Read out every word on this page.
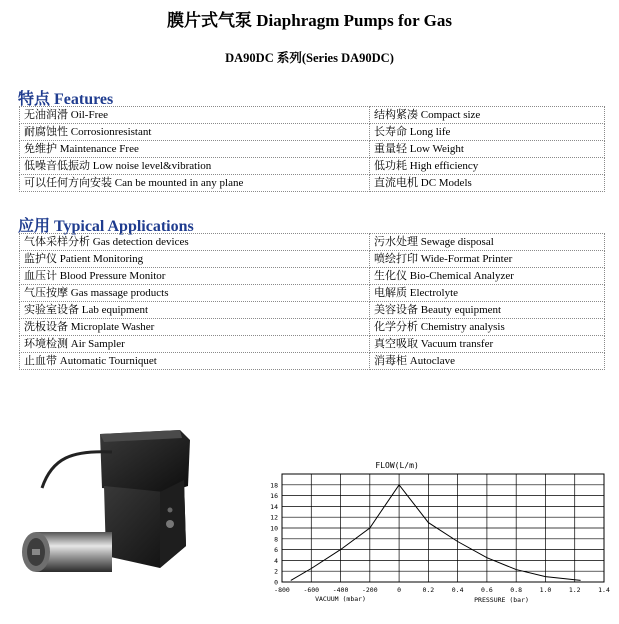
膜片式气泵 Diaphragm Pumps for Gas
DA90DC 系列(Series DA90DC)
特点 Features
无油润滑 Oil-Free	结构紧凑 Compact size
耐腐蚀性 Corrosionresistant	长寿命 Long life
免维护 Maintenance Free	重量轻 Low Weight
低噪音低振动 Low noise level&vibration	低功耗 High efficiency
可以任何方向安装 Can be mounted in any plane	直流电机 DC Models
应用 Typical Applications
气体采样分析 Gas detection devices	污水处理 Sewage disposal
监护仪 Patient Monitoring	喷绘打印 Wide-Format Printer
血压计 Blood Pressure Monitor	生化仪 Bio-Chemical Analyzer
气压按摩 Gas massage products	电解质 Electrolyte
实验室设备 Lab equipment	美容设备 Beauty equipment
洗板设备 Microplate Washer	化学分析 Chemistry analysis
环境检测 Air Sampler	真空吸取 Vacuum transfer
止血带 Automatic Tourniquet	消毒柜 Autoclave
0
2
4
6
8
10
12
14
16
18
-800 -600 -400 -200	0	0.2	0.4	0.6	0.8	1.0	1.2	1.4
FLOW(L/m)
VACUUM (mbar)	PRESSURE (bar)
